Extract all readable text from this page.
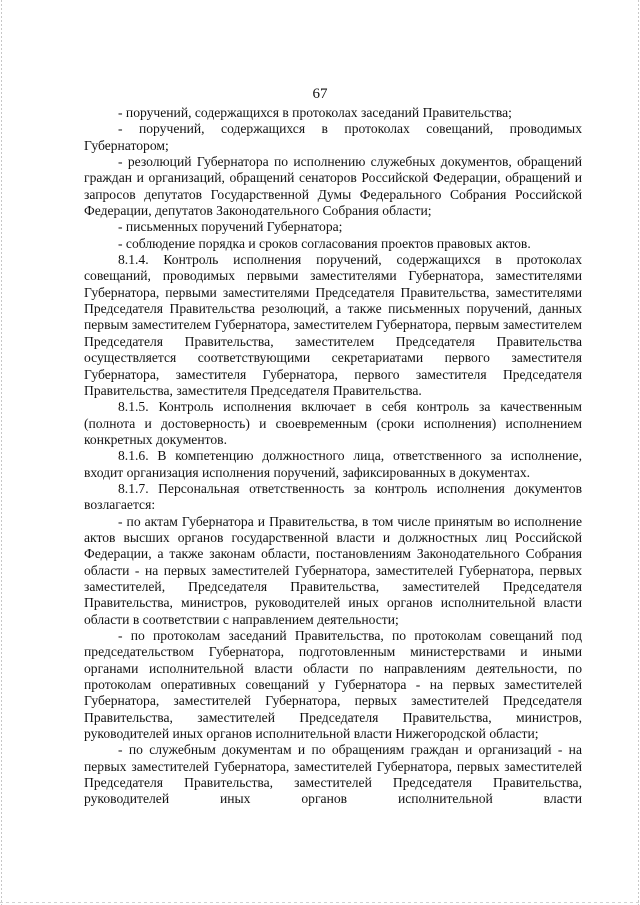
67

- поручений, содержащихся в протоколах заседаний Правительства;

- поручений, содержащихся в протоколах совещаний, проводимых Губернатором;

- резолюций Губернатора по исполнению служебных документов, обращений граждан и организаций, обращений сенаторов Российской Федерации, обращений и запросов депутатов Государственной Думы Федерального Собрания Российской Федерации, депутатов Законодательного Собрания области;

- письменных поручений Губернатора;

- соблюдение порядка и сроков согласования проектов правовых актов.

8.1.4. Контроль исполнения поручений, содержащихся в протоколах совещаний, проводимых первыми заместителями Губернатора, заместителями Губернатора, первыми заместителями Председателя Правительства, заместителями Председателя Правительства резолюций, а также письменных поручений, данных первым заместителем Губернатора, заместителем Губернатора, первым заместителем Председателя Правительства, заместителем Председателя Правительства осуществляется соответствующими секретариатами первого заместителя Губернатора, заместителя Губернатора, первого заместителя Председателя Правительства, заместителя Председателя Правительства.

8.1.5. Контроль исполнения включает в себя контроль за качественным (полнота и достоверность) и своевременным (сроки исполнения) исполнением конкретных документов.

8.1.6. В компетенцию должностного лица, ответственного за исполнение, входит организация исполнения поручений, зафиксированных в документах.

8.1.7. Персональная ответственность за контроль исполнения документов возлагается:

- по актам Губернатора и Правительства, в том числе принятым во исполнение актов высших органов государственной власти и должностных лиц Российской Федерации, а также законам области, постановлениям Законодательного Собрания области - на первых заместителей Губернатора, заместителей Губернатора, первых заместителей, Председателя Правительства, заместителей Председателя Правительства, министров, руководителей иных органов исполнительной власти области в соответствии с направлением деятельности;

- по протоколам заседаний Правительства, по протоколам совещаний под председательством Губернатора, подготовленным министерствами и иными органами исполнительной власти области по направлениям деятельности, по протоколам оперативных совещаний у Губернатора - на первых заместителей Губернатора, заместителей Губернатора, первых заместителей Председателя Правительства, заместителей Председателя Правительства, министров, руководителей иных органов исполнительной власти Нижегородской области;

- по служебным документам и по обращениям граждан и организаций - на первых заместителей Губернатора, заместителей Губернатора, первых заместителей Председателя Правительства, заместителей Председателя Правительства, руководителей иных органов исполнительной власти
